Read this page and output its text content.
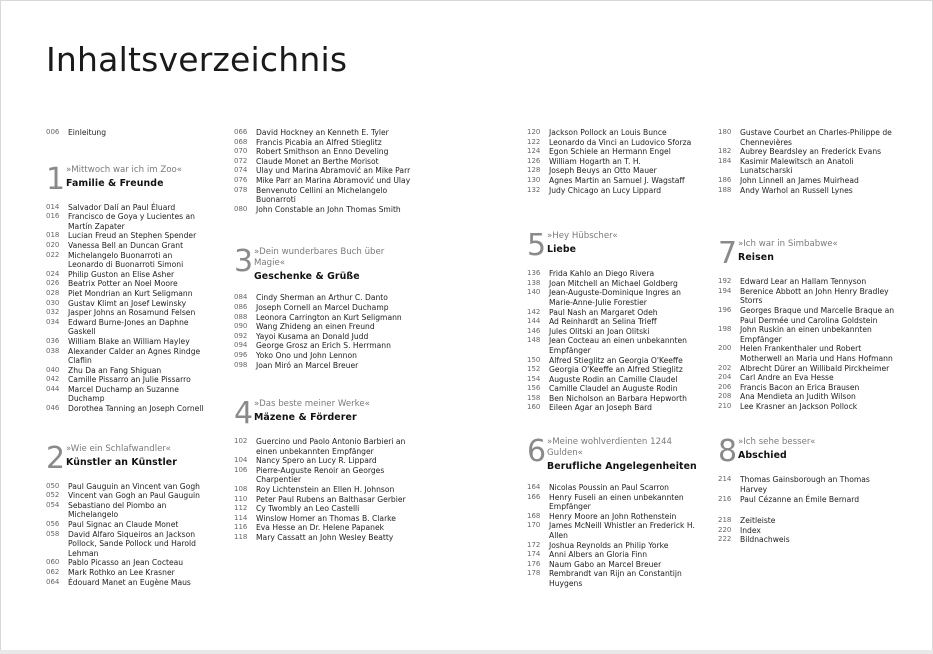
Inhaltsverzeichnis
006	Einleitung
1 »Mittwoch war ich im Zoo«
Familie & Freunde
014	Salvador Dalí an Paul Éluard
016	Francisco de Goya y Lucientes an Martín Zapater
018	Lucian Freud an Stephen Spender
020	Vanessa Bell an Duncan Grant
022	Michelangelo Buonarroti an Leonardo di Buonarroti Simoni
024	Philip Guston an Elise Asher
026	Beatrix Potter an Noel Moore
028	Piet Mondrian an Kurt Seligmann
030	Gustav Klimt an Josef Lewinsky
032	Jasper Johns an Rosamund Felsen
034	Edward Burne-Jones an Daphne Gaskell
036	William Blake an William Hayley
038	Alexander Calder an Agnes Rindge Claflin
040	Zhu Da an Fang Shiguan
042	Camille Pissarro an Julie Pissarro
044	Marcel Duchamp an Suzanne Duchamp
046	Dorothea Tanning an Joseph Cornell
2 »Wie ein Schlafwandler«
Künstler an Künstler
050	Paul Gauguin an Vincent van Gogh
052	Vincent van Gogh an Paul Gauguin
054	Sebastiano del Piombo an Michelangelo
056	Paul Signac an Claude Monet
058	David Alfaro Siqueiros an Jackson Pollock, Sande Pollock und Harold Lehman
060	Pablo Picasso an Jean Cocteau
062	Mark Rothko an Lee Krasner
064	Édouard Manet an Eugène Maus
066	David Hockney an Kenneth E. Tyler
068	Francis Picabia an Alfred Stieglitz
070	Robert Smithson an Enno Develing
072	Claude Monet an Berthe Morisot
074	Ulay und Marina Abramović an Mike Parr
076	Mike Parr an Marina Abramović und Ulay
078	Benvenuto Cellini an Michelangelo Buonarroti
080	John Constable an John Thomas Smith
3 »Dein wunderbares Buch über Magie«
Geschenke & Grüße
084	Cindy Sherman an Arthur C. Danto
086	Joseph Cornell an Marcel Duchamp
088	Leonora Carrington an Kurt Seligmann
090	Wang Zhideng an einen Freund
092	Yayoi Kusama an Donald Judd
094	George Grosz an Erich S. Herrmann
096	Yoko Ono und John Lennon
098	Joan Miró an Marcel Breuer
4 »Das beste meiner Werke«
Mäzene & Förderer
102	Guercino und Paolo Antonio Barbieri an einen unbekannten Empfänger
104	Nancy Spero an Lucy R. Lippard
106	Pierre-Auguste Renoir an Georges Charpentier
108	Roy Lichtenstein an Ellen H. Johnson
110	Peter Paul Rubens an Balthasar Gerbier
112	Cy Twombly an Leo Castelli
114	Winslow Homer an Thomas B. Clarke
116	Eva Hesse an Dr. Helene Papanek
118	Mary Cassatt an John Wesley Beatty
120	Jackson Pollock an Louis Bunce
122	Leonardo da Vinci an Ludovico Sforza
124	Egon Schiele an Hermann Engel
126	William Hogarth an T. H.
128	Joseph Beuys an Otto Mauer
130	Agnes Martin an Samuel J. Wagstaff
132	Judy Chicago an Lucy Lippard
5 »Hey Hübscher«
Liebe
136	Frida Kahlo an Diego Rivera
138	Joan Mitchell an Michael Goldberg
140	Jean-Auguste-Dominique Ingres an Marie-Anne-Julie Forestier
142	Paul Nash an Margaret Odeh
144	Ad Reinhardt an Selina Trieff
146	Jules Olitski an Joan Olitski
148	Jean Cocteau an einen unbekannten Empfänger
150	Alfred Stieglitz an Georgia O'Keeffe
152	Georgia O'Keeffe an Alfred Stieglitz
154	Auguste Rodin an Camille Claudel
156	Camille Claudel an Auguste Rodin
158	Ben Nicholson an Barbara Hepworth
160	Eileen Agar an Joseph Bard
6 »Meine wohlverdienten 1244 Gulden«
Berufliche Angelegenheiten
164	Nicolas Poussin an Paul Scarron
166	Henry Fuseli an einen unbekannten Empfänger
168	Henry Moore an John Rothenstein
170	James McNeill Whistler an Frederick H. Allen
172	Joshua Reynolds an Philip Yorke
174	Anni Albers an Gloria Finn
176	Naum Gabo an Marcel Breuer
178	Rembrandt van Rijn an Constantijn Huygens
180	Gustave Courbet an Charles-Philippe de Chennevières
182	Aubrey Beardsley an Frederick Evans
184	Kasimir Malewitsch an Anatoli Lunatscharski
186	John Linnell an James Muirhead
188	Andy Warhol an Russell Lynes
7 »Ich war in Simbabwe«
Reisen
192	Edward Lear an Hallam Tennyson
194	Berenice Abbott an John Henry Bradley Storrs
196	Georges Braque und Marcelle Braque an Paul Dermée und Carolina Goldstein
198	John Ruskin an einen unbekannten Empfänger
200	Helen Frankenthaler und Robert Motherwell an Maria und Hans Hofmann
202	Albrecht Dürer an Willibald Pirckheimer
204	Carl Andre an Eva Hesse
206	Francis Bacon an Erica Brausen
208	Ana Mendieta an Judith Wilson
210	Lee Krasner an Jackson Pollock
8 »Ich sehe besser«
Abschied
214	Thomas Gainsborough an Thomas Harvey
216	Paul Cézanne an Émile Bernard
218	Zeitleiste
220	Index
222	Bildnachweis
